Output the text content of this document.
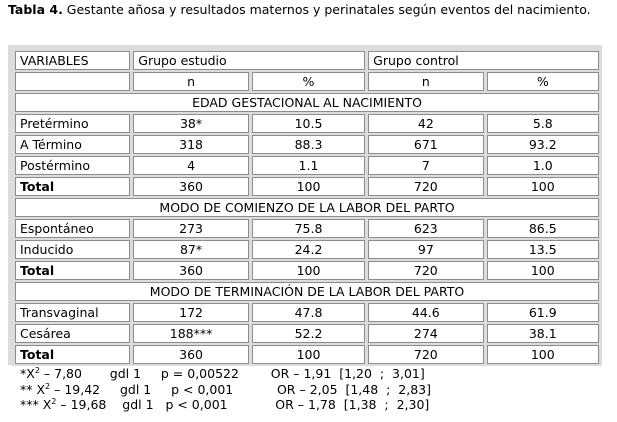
Tabla 4. Gestante añosa y resultados maternos y perinatales según eventos del nacimiento.
VARIABLES	Grupo estudio		Grupo control	
	n	%	n	%
EDAD GESTACIONAL AL NACIMIENTO				
Pretérmino	38*	10.5	42	5.8
A Término	318	88.3	671	93.2
Postérmino	4	1.1	7	1.0
Total	360	100	720	100
MODO DE COMIENZO DE LA LABOR DEL PARTO				
Espontáneo	273	75.8	623	86.5
Inducido	87*	24.2	97	13.5
Total	360	100	720	100
MODO DE TERMINACIÓN DE LA LABOR DEL PARTO				
Transvaginal	172	47.8	44.6	61.9
Cesárea	188***	52.2	274	38.1
Total	360	100	720	100
$*X^2 - 7,80$       gdl 1     p = 0,00522        OR – 1,91  [1,20  ;  3,01]
** $X^2 - 19,42$     gdl 1     p < 0,001           OR – 2,05  [1,48  ;  2,83]
*** $X^2 - 19,68$    gdl 1   p < 0,001            OR – 1,78  [1,38  ;  2,30]
